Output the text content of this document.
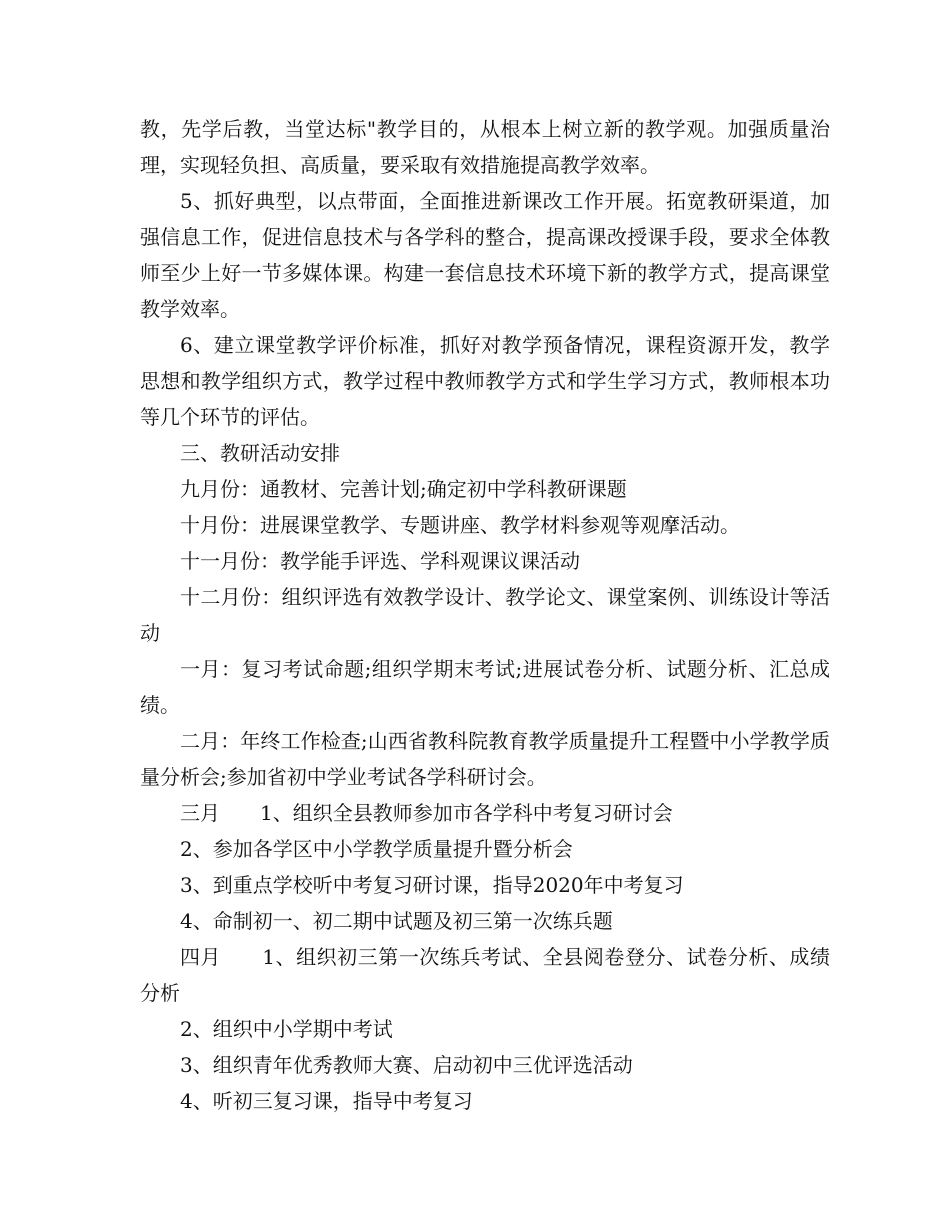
教，先学后教，当堂达标"教学目的，从根本上树立新的教学观。加强质量治理，实现轻负担、高质量，要采取有效措施提高教学效率。

5、抓好典型，以点带面，全面推进新课改工作开展。拓宽教研渠道，加强信息工作，促进信息技术与各学科的整合，提高课改授课手段，要求全体教师至少上好一节多媒体课。构建一套信息技术环境下新的教学方式，提高课堂教学效率。

6、建立课堂教学评价标准，抓好对教学预备情况，课程资源开发，教学思想和教学组织方式，教学过程中教师教学方式和学生学习方式，教师根本功等几个环节的评估。

三、教研活动安排

九月份：通教材、完善计划;确定初中学科教研课题

十月份：进展课堂教学、专题讲座、教学材料参观等观摩活动。

十一月份：教学能手评选、学科观课议课活动

十二月份：组织评选有效教学设计、教学论文、课堂案例、训练设计等活动

一月：复习考试命题;组织学期末考试;进展试卷分析、试题分析、汇总成绩。

二月：年终工作检查;山西省教科院教育教学质量提升工程暨中小学教学质量分析会;参加省初中学业考试各学科研讨会。

三月　　1、组织全县教师参加市各学科中考复习研讨会

2、参加各学区中小学教学质量提升暨分析会

3、到重点学校听中考复习研讨课，指导2020年中考复习

4、命制初一、初二期中试题及初三第一次练兵题

四月　　1、组织初三第一次练兵考试、全县阅卷登分、试卷分析、成绩分析

2、组织中小学期中考试

3、组织青年优秀教师大赛、启动初中三优评选活动

4、听初三复习课，指导中考复习
